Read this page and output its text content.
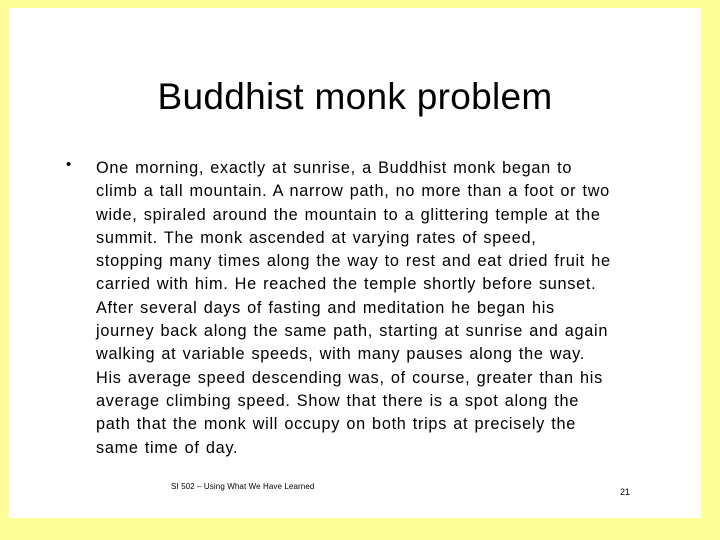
Buddhist monk problem
• One morning, exactly at sunrise, a Buddhist monk began to
climb a tall mountain. A narrow path, no more than a foot or two
wide, spiraled around the mountain to a glittering temple at the
summit. The monk ascended at varying rates of speed,
stopping many times along the way to rest and eat dried fruit he
carried with him. He reached the temple shortly before sunset.
After several days of fasting and meditation he began his
journey back along the same path, starting at sunrise and again
walking at variable speeds, with many pauses along the way.
His average speed descending was, of course, greater than his
average climbing speed. Show that there is a spot along the
path that the monk will occupy on both trips at precisely the
same time of day.
SI 502 – Using What We Have Learned
21
